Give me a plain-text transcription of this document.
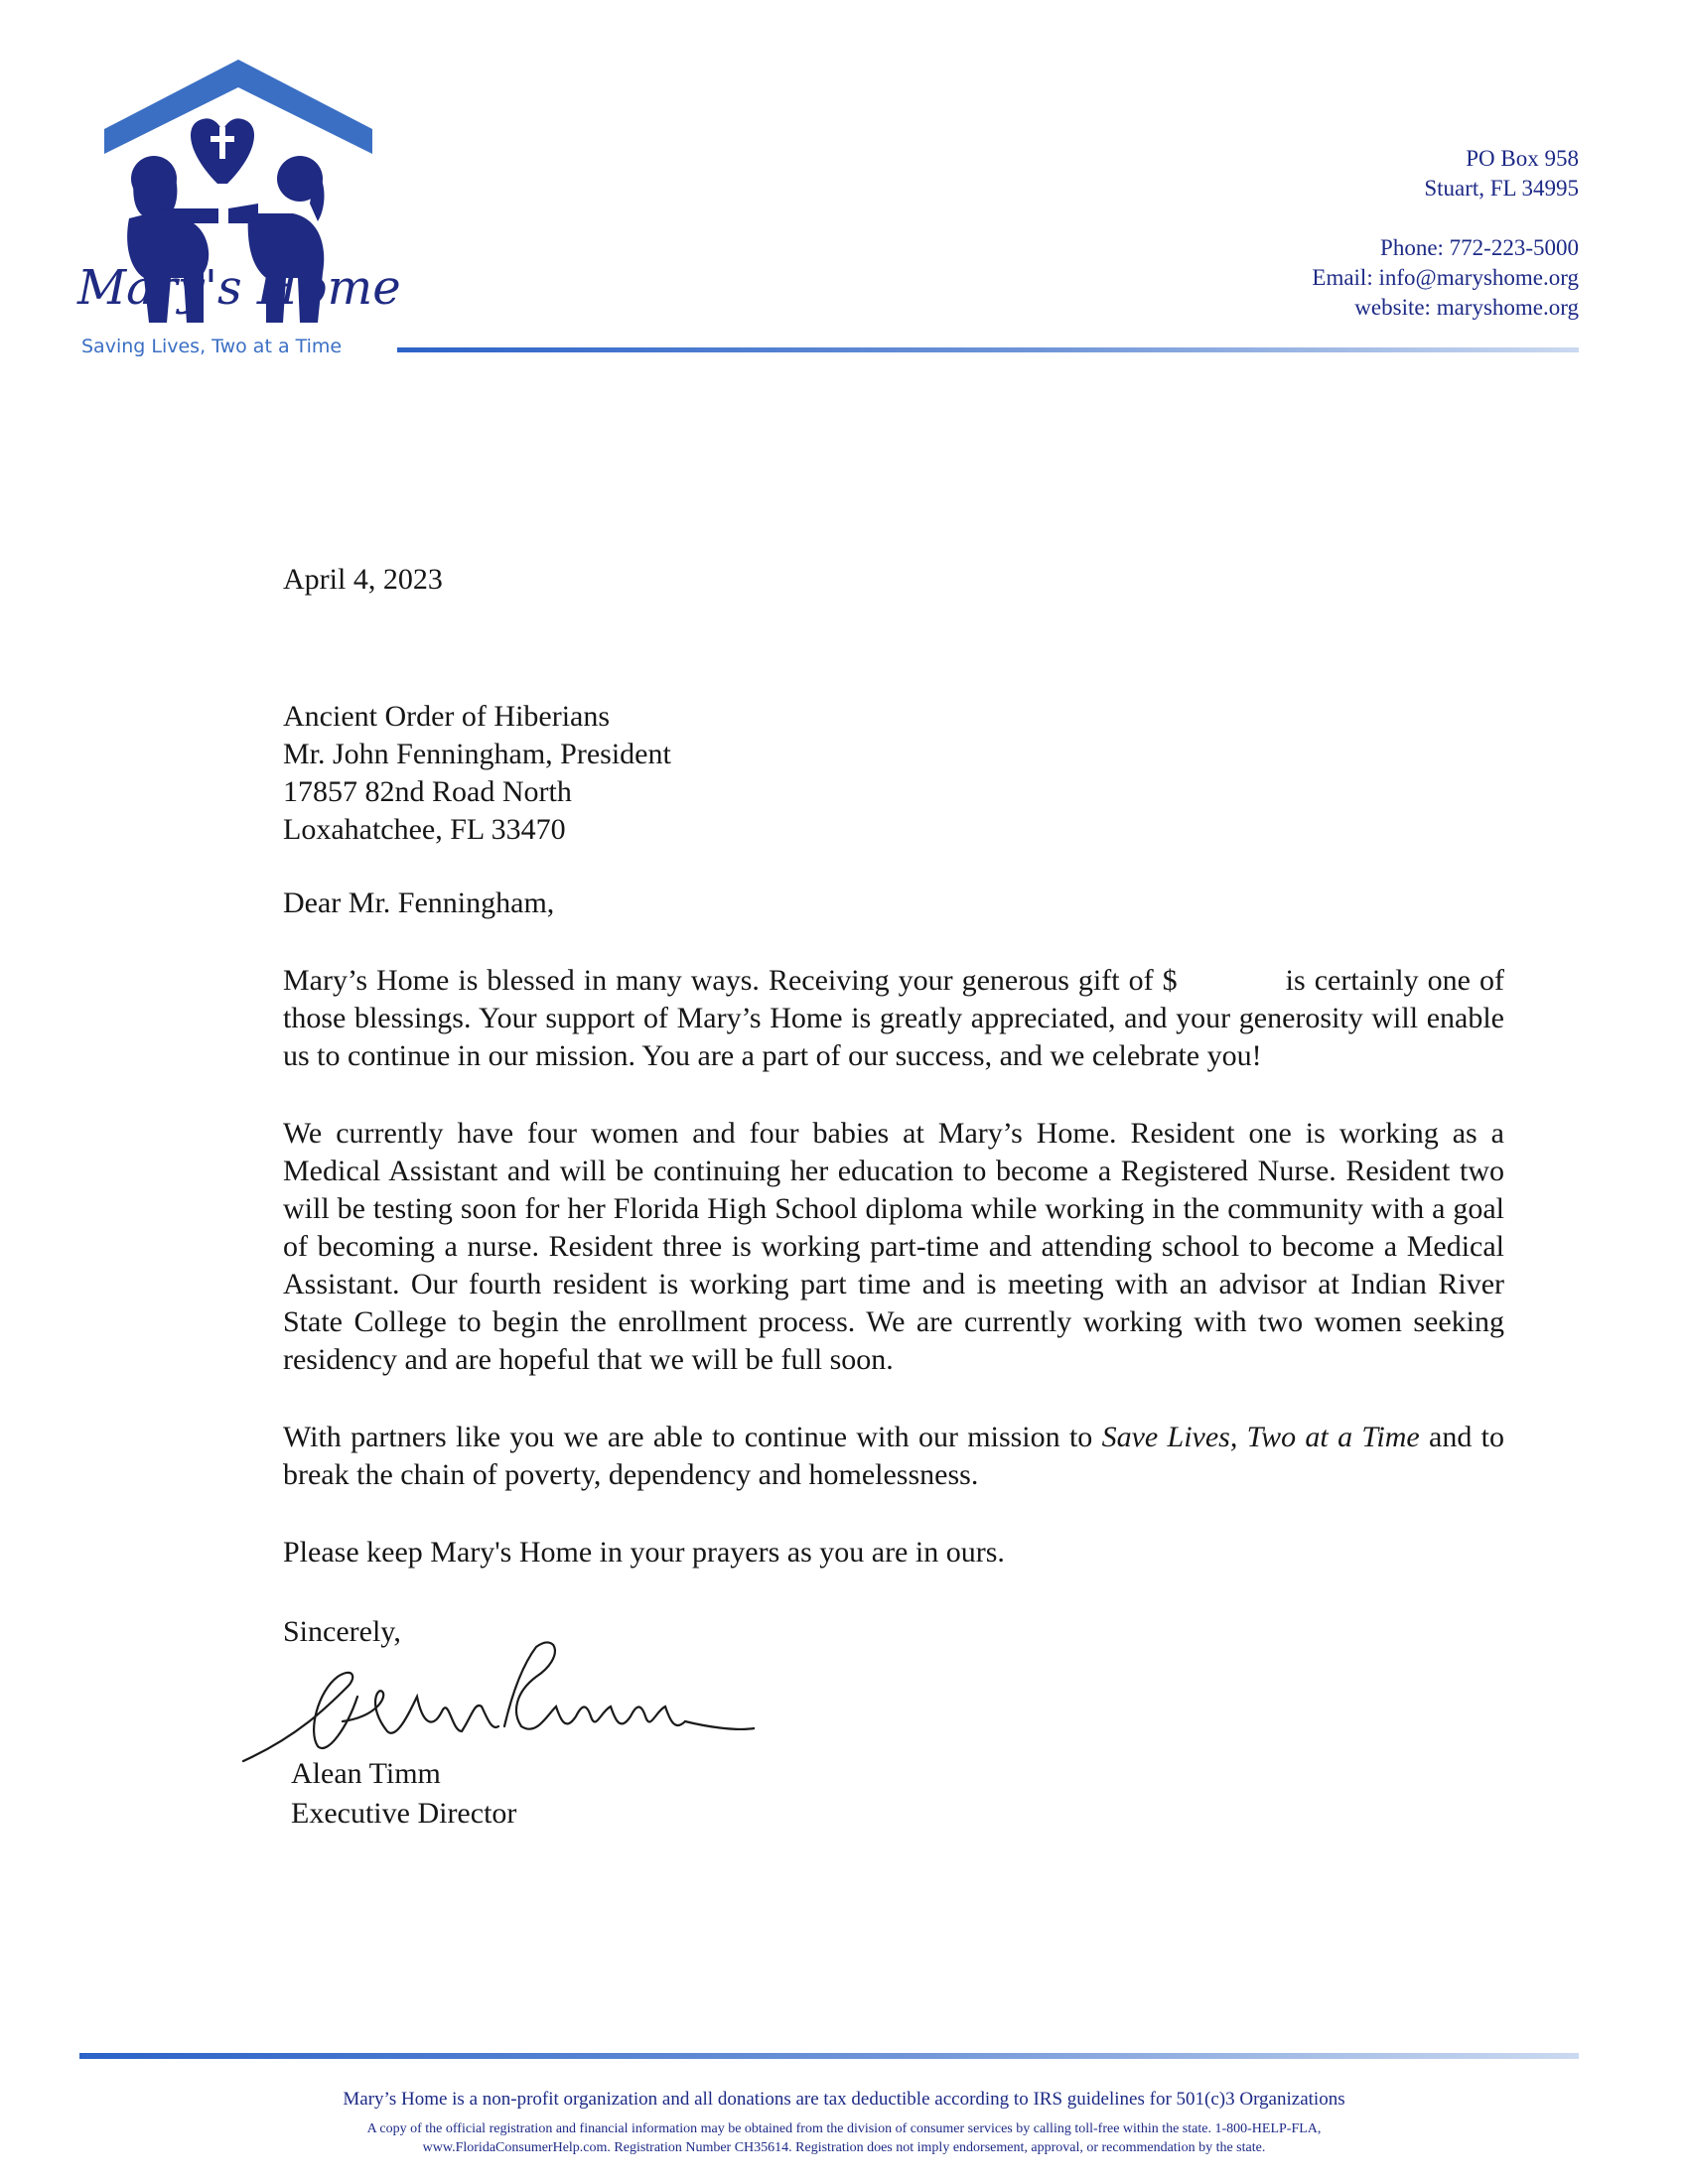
Mary's Home
Saving Lives, Two at a Time
PO Box 958
Stuart, FL 34995
Phone: 772-223-5000
Email: info@maryshome.org
website: maryshome.org
April 4, 2023
Ancient Order of Hiberians
Mr. John Fenningham, President
17857 82nd Road North
Loxahatchee, FL 33470
Dear Mr. Fenningham,
Mary’s Home is blessed in many ways. Receiving your generous gift of $	is certainly one of those blessings. Your support of Mary’s Home is greatly appreciated, and your generosity will enable us to continue in our mission. You are a part of our success, and we celebrate you!
We currently have four women and four babies at Mary’s Home. Resident one is working as a Medical Assistant and will be continuing her education to become a Registered Nurse. Resident two will be testing soon for her Florida High School diploma while working in the community with a goal of becoming a nurse. Resident three is working part-time and attending school to become a Medical Assistant. Our fourth resident is working part time and is meeting with an advisor at Indian River State College to begin the enrollment process. We are currently working with two women seeking residency and are hopeful that we will be full soon.
With partners like you we are able to continue with our mission to Save Lives, Two at a Time and to break the chain of poverty, dependency and homelessness.
Please keep Mary's Home in your prayers as you are in ours.
Sincerely,
Alean Timm
Executive Director
Mary’s Home is a non-profit organization and all donations are tax deductible according to IRS guidelines for 501(c)3 Organizations
A copy of the official registration and financial information may be obtained from the division of consumer services by calling toll-free within the state. 1-800-HELP-FLA,
www.FloridaConsumerHelp.com. Registration Number CH35614. Registration does not imply endorsement, approval, or recommendation by the state.
